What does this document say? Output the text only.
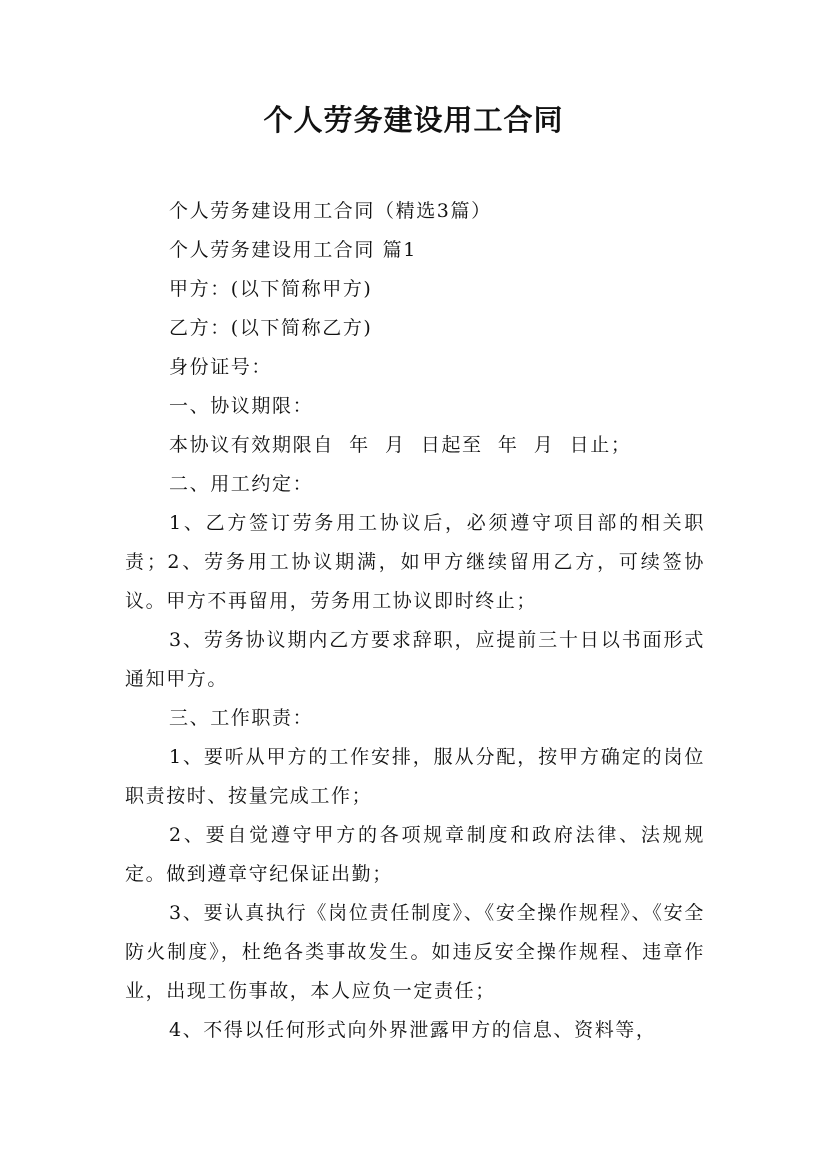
个人劳务建设用工合同

个人劳务建设用工合同（精选3篇）

个人劳务建设用工合同 篇1

甲方：(以下简称甲方)

乙方：(以下简称乙方)

身份证号：

一、协议期限：

本协议有效期限自  年  月  日起至  年  月  日止；

二、用工约定：

1、乙方签订劳务用工协议后，必须遵守项目部的相关职责；2、劳务用工协议期满，如甲方继续留用乙方，可续签协议。甲方不再留用，劳务用工协议即时终止；

3、劳务协议期内乙方要求辞职，应提前三十日以书面形式通知甲方。

三、工作职责：

1、要听从甲方的工作安排，服从分配，按甲方确定的岗位职责按时、按量完成工作；

2、要自觉遵守甲方的各项规章制度和政府法律、法规规定。做到遵章守纪保证出勤；

3、要认真执行《岗位责任制度》、《安全操作规程》、《安全防火制度》，杜绝各类事故发生。如违反安全操作规程、违章作业，出现工伤事故，本人应负一定责任；

4、不得以任何形式向外界泄露甲方的信息、资料等，
